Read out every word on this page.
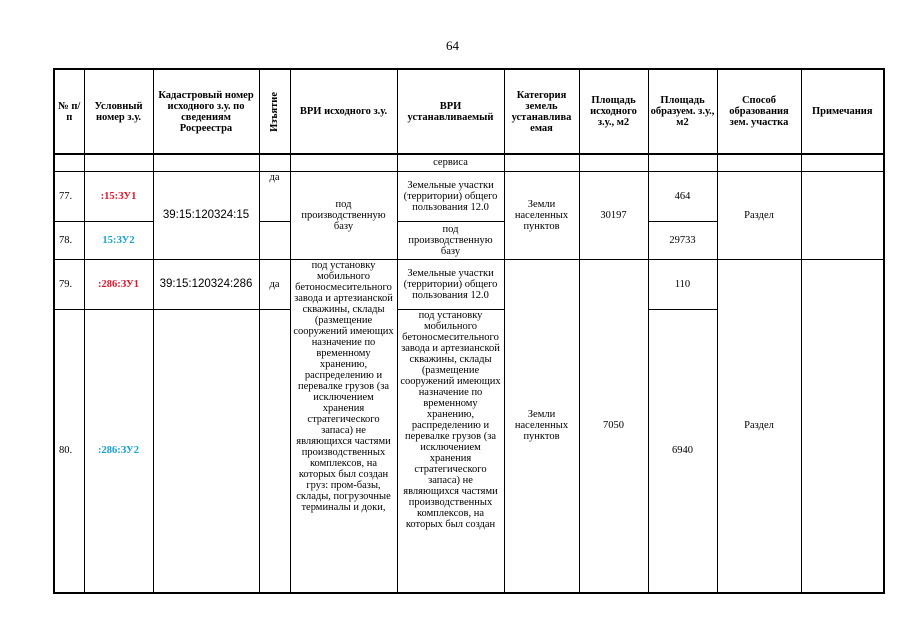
64
№ п/п	Условный номер з.у.	Кадастровый номер исходного з.у. по сведениям Росреестра	Изъятие	ВРИ исходного з.у.	ВРИ устанавливаемый	Категория земель устанавлива емая	Площадь исходного з.у., м2	Площадь образуем. з.у., м2	Способ образования зем. участка	Примечания
					сервиса					
77.	:15:ЗУ1	39:15:120324:15	да	под производственную базу	Земельные участки (территории) общего пользования 12.0	Земли населенных пунктов	30197	464	Раздел	
78.	15:ЗУ2				под производственную базу			29733		
79.	:286:ЗУ1	39:15:120324:286	да	под установку мобильного бетоносмесительного завода и артезианской скважины, склады (размещение сооружений имеющих назначение по временному хранению, распределению и перевалке грузов (за исключением хранения стратегического запаса) не являющихся частями производственных комплексов, на которых был создан груз: пром-базы, склады, погрузочные терминалы и доки,	Земельные участки (территории) общего пользования 12.0	Земли населенных пунктов	7050	110	Раздел	
80.	:286:ЗУ2				под установку мобильного бетоносмесительного завода и артезианской скважины, склады (размещение сооружений имеющих назначение по временному хранению, распределению и перевалке грузов (за исключением хранения стратегического запаса) не являющихся частями производственных комплексов, на которых был создан			6940		
